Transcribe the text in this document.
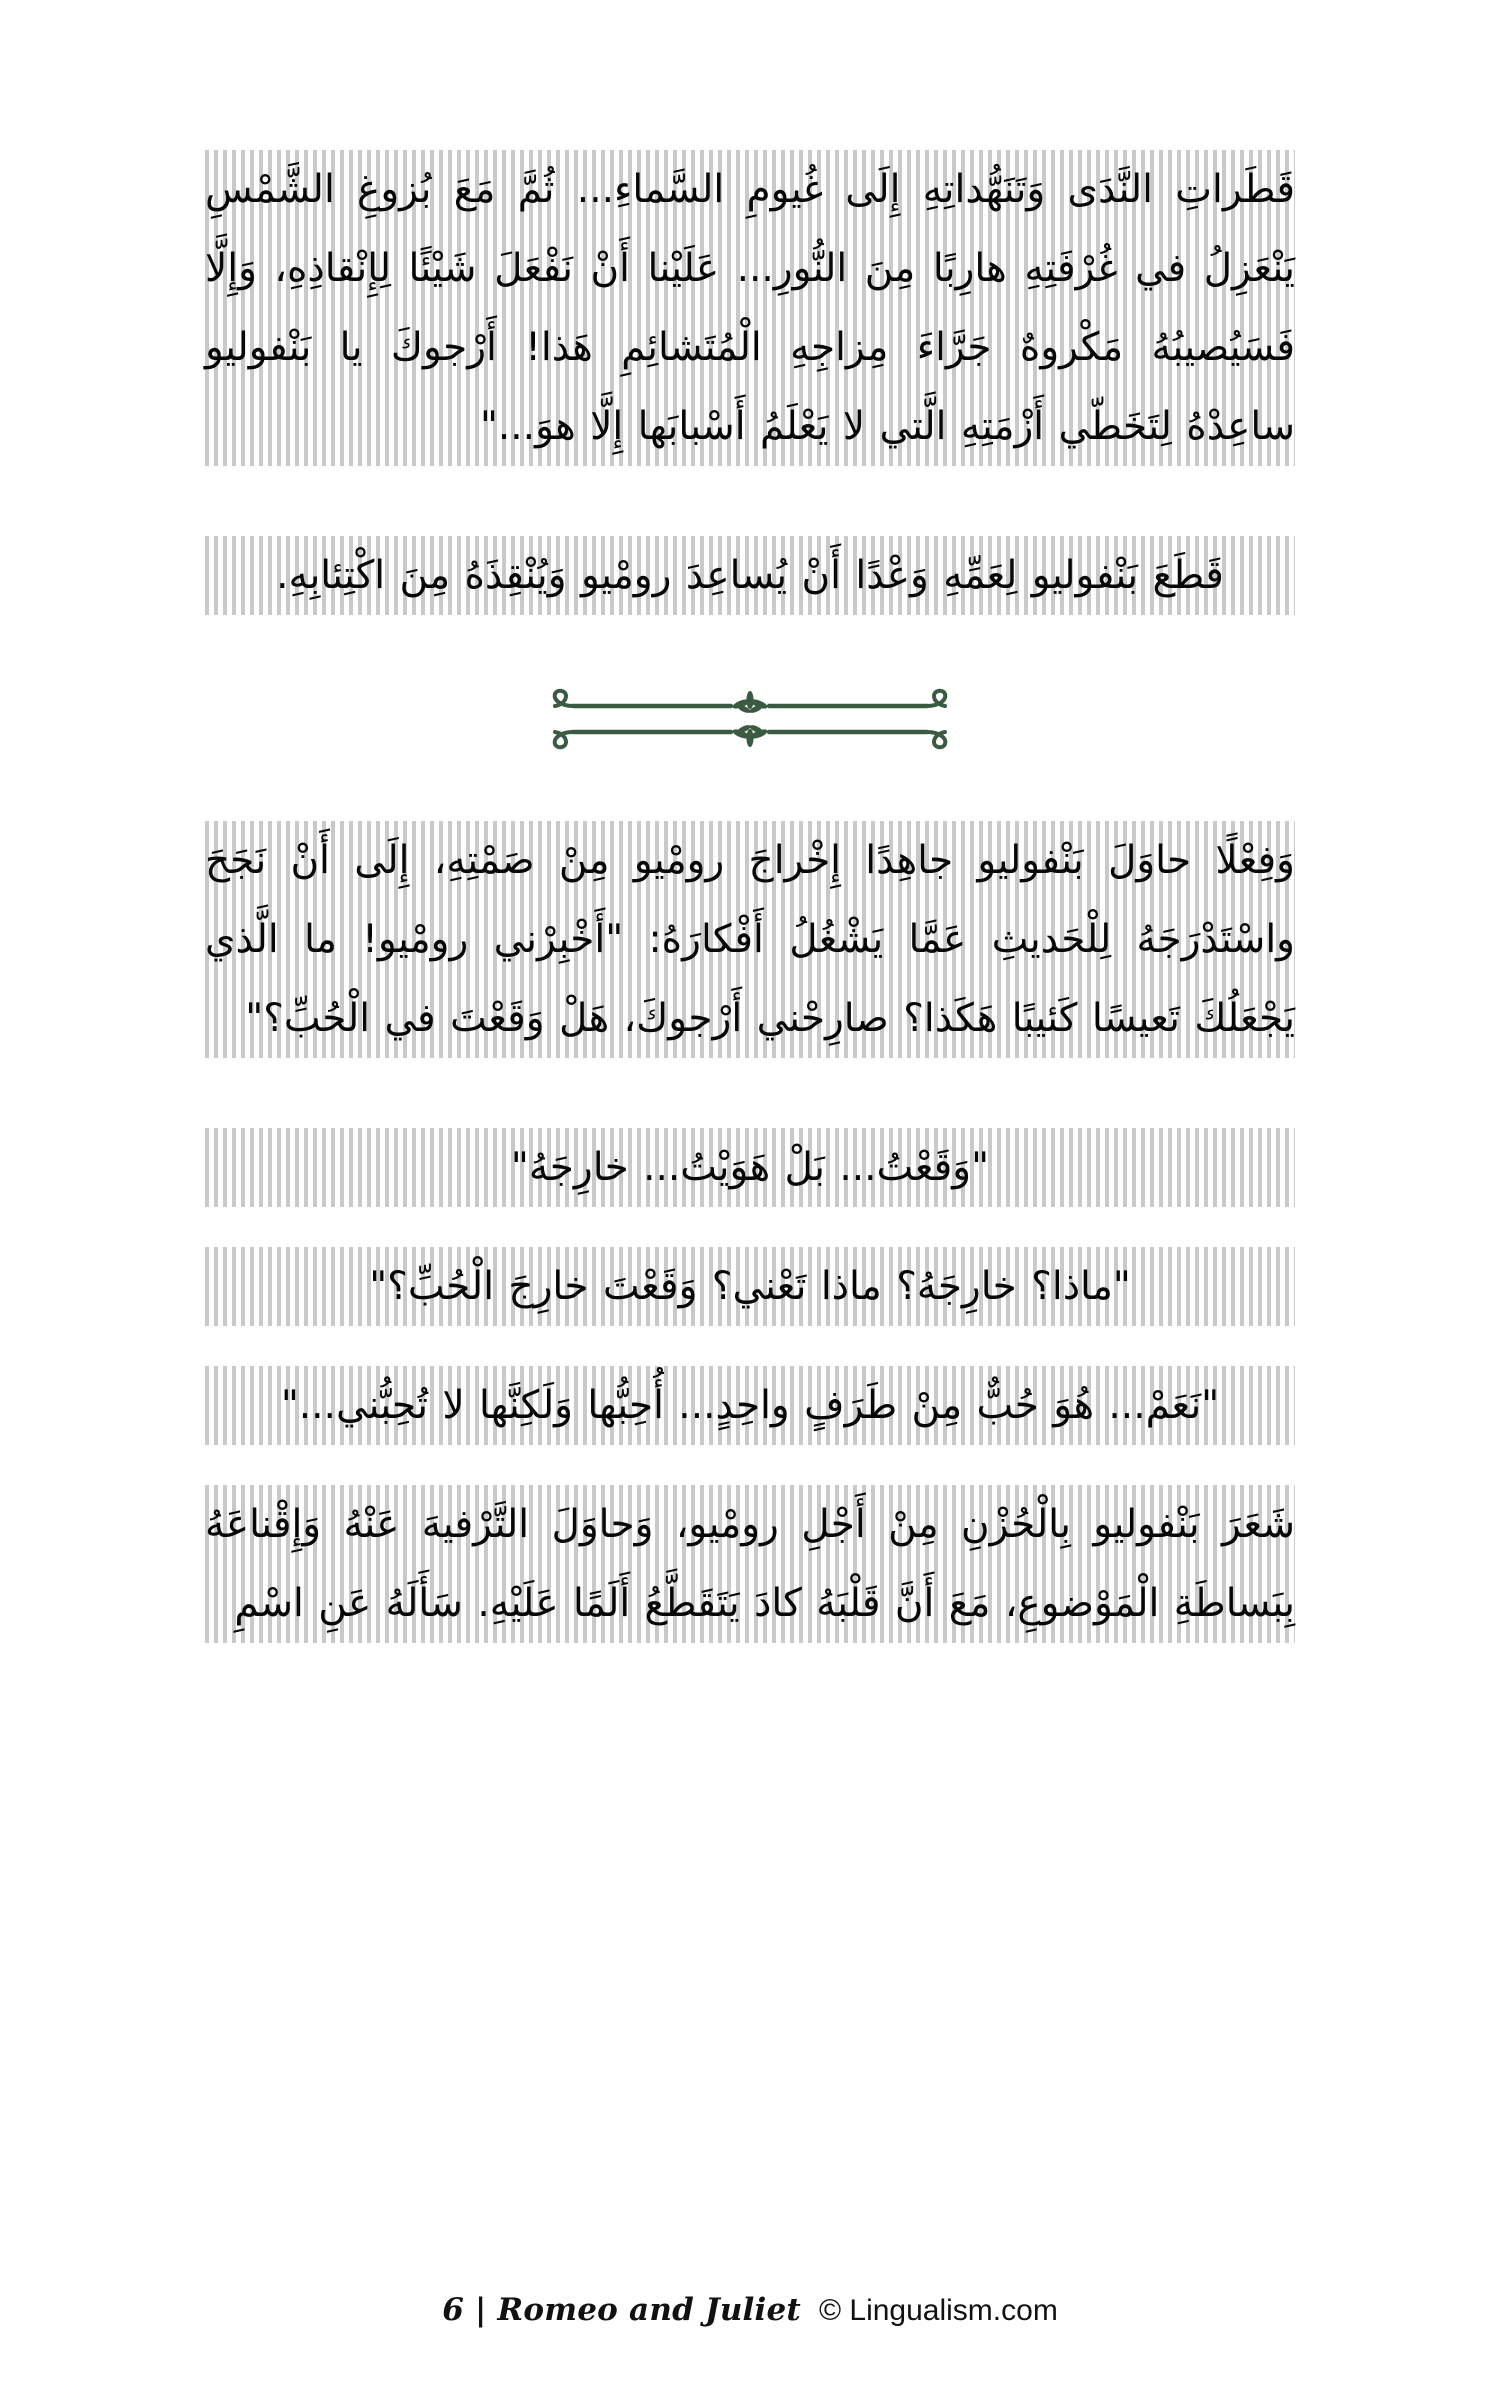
قَطَراتِ النَّدَى وَتَنَهُّداتِهِ إِلَى غُيومِ السَّماءِ... ثُمَّ مَعَ بُزوغِ الشَّمْسِ يَنْعَزِلُ في غُرْفَتِهِ هارِبًا مِنَ النُّورِ... عَلَيْنا أَنْ نَفْعَلَ شَيْئًا لِإِنْقاذِهِ، وَإِلَّا فَسَيُصيبُهُ مَكْروهٌ جَرَّاءَ مِزاجِهِ الْمُتَشائِمِ هَذا! أَرْجوكَ يا بَنْفوليو ساعِدْهُ لِتَخَطّي أَزْمَتِهِ الَّتي لا يَعْلَمُ أَسْبابَها إِلَّا هوَ..."

قَطَعَ بَنْفوليو لِعَمِّهِ وَعْدًا أَنْ يُساعِدَ رومْيو وَيُنْقِذَهُ مِنَ اكْتِئابِهِ.

وَفِعْلًا حاوَلَ بَنْفوليو جاهِدًا إِخْراجَ رومْيو مِنْ صَمْتِهِ، إِلَى أَنْ نَجَحَ واسْتَدْرَجَهُ لِلْحَديثِ عَمَّا يَشْغُلُ أَفْكارَهُ: "أَخْبِرْني رومْيو! ما الَّذي يَجْعَلُكَ تَعيسًا كَئيبًا هَكَذا؟ صارِحْني أَرْجوكَ، هَلْ وَقَعْتَ في الْحُبِّ؟"

"وَقَعْتُ... بَلْ هَوَيْتُ... خارِجَهُ"

"ماذا؟ خارِجَهُ؟ ماذا تَعْني؟ وَقَعْتَ خارِجَ الْحُبِّ؟"

"نَعَمْ... هُوَ حُبٌّ مِنْ طَرَفٍ واحِدٍ... أُحِبُّها وَلَكِنَّها لا تُحِبُّني..."

شَعَرَ بَنْفوليو بِالْحُزْنِ مِنْ أَجْلِ رومْيو، وَحاوَلَ التَّرْفيهَ عَنْهُ وَإِقْناعَهُ بِبَساطَةِ الْمَوْضوعِ، مَعَ أَنَّ قَلْبَهُ كادَ يَتَقَطَّعُ أَلَمًا عَلَيْهِ. سَأَلَهُ عَنِ اسْمِ

6 | Romeo and Juliet © Lingualism.com
